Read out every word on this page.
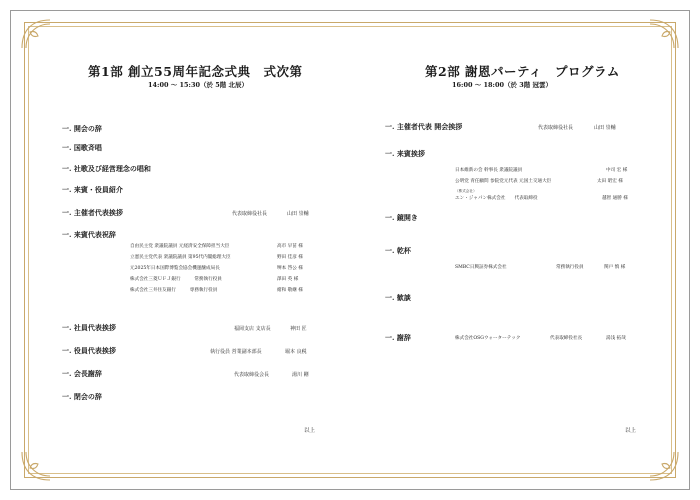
第1部 創立55周年記念式典　式次第
14:00 ～ 15:30（於 5階 北辰）
一. 開会の辞
一. 国歌斉唱
一. 社歌及び経営理念の唱和
一. 来賓・役員紹介
一. 主催者代表挨拶	代表取締役社長	山田 崇輔
一. 来賓代表祝辞
自由民主党 衆議院議員 元経済安全保障担当大臣	高市 早苗 様
立憲民主党代表 衆議院議員 第95代内閣総理大臣	野田 佳彦 様
元2025年日本国際博覧会協会機運醸成局長	堺本 啓公 様
株式会社三菱ＵＦＪ銀行　　　常務執行役員	澤田 英 様
株式会社三井住友銀行　　　専務執行役員	緒和 敬継 様
一. 社員代表挨拶	福岡支店 支店長	神田 匠
一. 役員代表挨拶	執行役員 営業副本部長	堀本 良税
一. 会長謝辞	代表取締役会長	湯川 剛
一. 閉会の辞
以上
第2部 謝恩パーティ　プログラム
16:00 ～ 18:00（於 3階 冠雲）
一. 主催者代表 開会挨拶	代表取締役社長	山田 崇輔
一. 来賓挨拶
日本維新の会 幹事長 衆議院議員	中司 宏 様
公明党 青任顧問 参院党元代表 元国土交通大臣	太田 昭宏 様
（株式会社）
エン・ジャパン株式会社　　代表取締役	越智 通勝 様
一. 鏡開き
一. 乾杯
SMBC日興証券株式会社	常務執行役員	関戸 慎 様
一. 歓談
一. 謝辞	株式会社OSGウォーターテック	代表取締役社長	湯浅 拓哉
以上
